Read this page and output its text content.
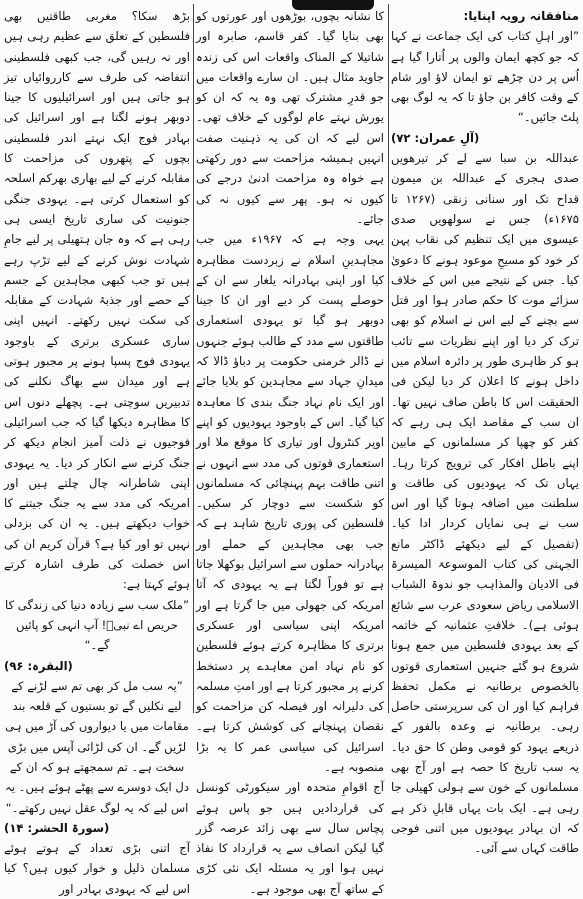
منافقانہ رویہ اپنایا:

”اور اہلِ کتاب کی ایک جماعت نے کہا کہ جو کچھ ایمان والوں پر اُتارا گیا ہے اُس پر دن چڑھے تو ایمان لاؤ اور شام کے وقت کافر بن جاؤ تا کہ یہ لوگ بھی پلٹ جائیں۔“

(آلِ عمران: ۷۲)

عبداللہ بن سبا سے لے کر تیرھویں صدی ہجری کے عبداللہ بن میمون قداح تک اور سنانی زنقی (۱۲۶۷ تا ۱۶۷۵ء) جس نے سولھویں صدی عیسوی میں ایک تنظیم کی نقاب پہن کر خود کو مسیحِ موعود ہونے کا دعویٰ کیا۔ جس کے نتیجے میں اس کے خلاف سزائے موت کا حکم صادر ہوا اور قتل سے بچنے کے لیے اس نے اسلام کو بھی ترک کر دیا اور اپنے نظریات سے تائب ہو کر ظاہری طور پر دائرہ اسلام میں داخل ہونے کا اعلان کر دیا لیکن فی الحقیقت اس کا باطن صاف نہیں تھا۔ ان سب کے مقاصد ایک ہی رہے کہ کفر کو چھپا کر مسلمانوں کے مابین اپنے باطل افکار کی ترویج کرتا رہا۔ یہاں تک کہ یہودیوں کی طاقت و سلطنت میں اضافہ ہوتا گیا اور اس سب نے ہی نمایاں کردار ادا کیا۔ (تفصیل کے لیے دیکھئے ڈاکٹر مانع الجہنی کی کتاب الموسوعۃ المیسرۃ فی الادیان والمذاہب جو ندوۃ الشباب الاسلامی ریاض سعودی عرب سے شائع ہوئی ہے)۔ خلافتِ عثمانیہ کے خاتمہ کے بعد یہودی فلسطین میں جمع ہونا شروع ہو گئے جنہیں استعماری قوتوں بالخصوص برطانیہ نے مکمل تحفظ فراہم کیا اور ان کی سرپرستی حاصل رہی۔ برطانیہ نے وعدہ بالفور کے ذریعے یہود کو قومی وطن کا حق دیا۔ یہ سب تاریخ کا حصہ ہے اور آج بھی مسلمانوں کے خون سے ہولی کھیلی جا رہی ہے۔ ایک بات یہاں قابلِ ذکر ہے کہ ان بہادر یہودیوں میں اتنی فوجی طاقت کہاں سے آئی۔

کا نشانہ بچوں، بوڑھوں اور عورتوں کو بھی بنایا گیا۔ کفر قاسم، صابرہ اور شاتیلا کے المناک واقعات اس کی زندہ جاوید مثال ہیں۔ ان سارے واقعات میں جو قدرِ مشترک تھی وہ یہ کہ ان کو یورش نہتے عام لوگوں کے خلاف تھی۔ اس لیے کہ ان کی یہ ذہنیت صفت انہیں ہمیشہ مزاحمت سے دور رکھتی ہے خواہ وہ مزاحمت ادنیٰ درجے کی کیوں نہ ہو۔ پھر سے کیوں نہ کی جائے۔

یہی وجہ ہے کہ ۱۹۶۷ء میں جب مجاہدینِ اسلام نے زبردست مظاہرہ کیا اور اپنی بہادرانہ یلغار سے ان کے حوصلے پست کر دیے اور ان کا جینا دوبھر ہو گیا تو یہودی استعماری طاقتوں سے مدد کے طالب ہوئے جنہوں نے ڈالر خرمنی حکومت پر دباؤ ڈالا کہ میدانِ جہاد سے مجاہدین کو بلایا جائے اور ایک نام نہاد جنگ بندی کا معاہدہ کیا گیا۔ اس کے باوجود یہودیوں کو اپنے اوپر کنٹرول اور تیاری کا موقع ملا اور استعماری قوتوں کی مدد سے انہوں نے اتنی طاقت بہم پہنچائی کہ مسلمانوں کو شکست سے دوچار کر سکیں۔ فلسطین کی پوری تاریخ شاہد ہے کہ جب بھی مجاہدین کے حملے اور بہادرانہ حملوں سے اسرائیل بوکھلا جاتا ہے تو فوراً لگتا ہے یہ یہودی کہ آتا امریکہ کی جھولی میں جا گرتا ہے اور امریکہ اپنی سیاسی اور عسکری برتری کا مظاہرہ کرتے ہوئے فلسطین کو نام نہاد امن معاہدے پر دستخط کرنے پر مجبور کرتا ہے اور امتِ مسلمہ کی دلیرانہ اور فیصلہ کن مزاحمت کو نقصان پہنچانے کی کوشش کرتا ہے۔ اسرائیل کی سیاسی عمر کا یہ بڑا منصوبہ ہے۔

آج اقوامِ متحدہ اور سیکورٹی کونسل کی قراردادیں ہیں جو پاس ہوئے پچاس سال سے بھی زائد عرصہ گزر گیا لیکن انصاف سے یہ قرارداد کا نفاذ نہیں ہوا اور یہ مسئلہ ایک نئی کڑی کے ساتھ آج بھی موجود ہے۔

بڑھ سکا؟ مغربی طاقتیں بھی فلسطین کے تعلق سے عظیم رہی ہیں اور نہ رہیں گی، جب کبھی فلسطینی انتفاضہ کی طرف سے کارروائیاں تیز ہو جاتی ہیں اور اسرائیلیوں کا جینا دوبھر ہونے لگتا ہے اور اسرائیل کی بہادر فوج ایک نہتے اندر فلسطینی بچوں کے پتھروں کی مزاحمت کا مقابلہ کرنے کے لیے بھاری بھرکم اسلحہ کو استعمال کرتی ہے۔ یہودی جنگی جنونیت کی ساری تاریخ ایسی ہی رہی ہے کہ وہ جان ہتھیلی پر لیے جامِ شہادت نوش کرنے کے لیے تڑپ رہے ہیں تو جب کبھی مجاہدین کے جسم کے حصے اور جذبۂ شہادت کے مقابلہ کی سکت نہیں رکھتے۔ انہیں اپنی ساری عسکری برتری کے باوجود یہودی فوج پسپا ہونے پر مجبور ہوتی ہے اور میدان سے بھاگ نکلنے کی تدبیریں سوچتی ہے۔ پچھلے دنوں اس کا مظاہرہ دیکھا گیا کہ جب اسرائیلی فوجیوں نے ذلت آمیز انجام دیکھ کر جنگ کرنے سے انکار کر دیا۔ یہ یہودی اپنی شاطرانہ چال چلتے ہیں اور امریکہ کی مدد سے یہ جنگ جیتنے کا خواب دیکھتے ہیں۔ یہ ان کی بزدلی نہیں تو اور کیا ہے؟ قرآن کریم ان کی اس خصلت کی طرف اشارہ کرتے ہوئے کہتا ہے:

”ملک سب سے زیادہ دنیا کی زندگی کا حریص اے نبیؐ! آپ انہی کو پائیں گے۔“

(البقرہ: ۹۶)

”یہ سب مل کر بھی تم سے لڑنے کے لیے نکلیں گے تو بستیوں کے قلعہ بند مقامات میں یا دیواروں کی آڑ میں ہی لڑیں گے۔ ان کی لڑائی آپس میں بڑی سخت ہے۔ تم سمجھتے ہو کہ ان کے دل ایک دوسرے سے پھٹے ہوئے ہیں۔ یہ اس لیے کہ یہ لوگ عقل نہیں رکھتے۔“

(سورۃ الحشر: ۱۴)

آج اتنی بڑی تعداد کے ہوتے ہوئے مسلمان ذلیل و خوار کیوں ہیں؟ کیا اس لیے کہ یہودی بہادر اور
